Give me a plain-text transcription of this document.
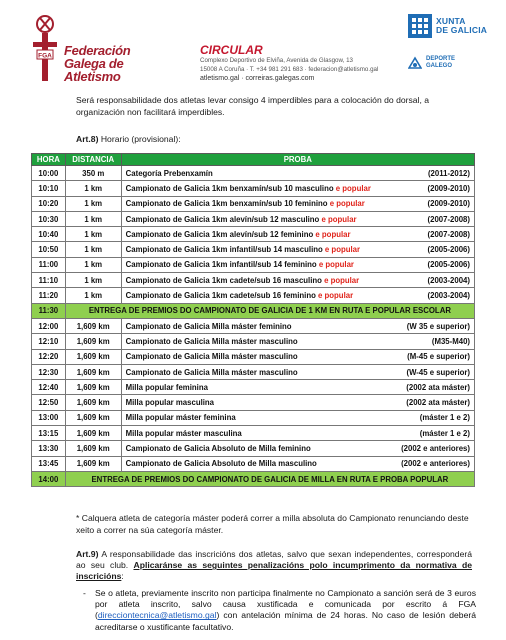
FGA Federación
Galega de
Atletismo
CIRCULAR
Complexo Deportivo de Elviña, Avenida de Glasgow, 13
15008 A Coruña · T. +34 981 291 683 · federacion@atletismo.gal
atletismo.gal · correiras.galegas.com
XUNTA
DE GALICIA
DEPORTE
GALEGO
Será responsabilidade dos atletas levar consigo 4 imperdibles para a colocación do dorsal, a organización non facilitará imperdibles.
Art.8) Horario (provisional):
HORA	DISTANCIA	PROBA
10:00	350 m	Categoría Prebenxamín (2011-2012)

10:10	1 km	Campionato de Galicia 1km benxamín/sub 10 masculino e popular (2009-2010)

10:20	1 km	Campionato de Galicia 1km benxamín/sub 10 feminino e popular (2009-2010)

10:30	1 km	Campionato de Galicia 1km alevín/sub 12 masculino e popular (2007-2008)

10:40	1 km	Campionato de Galicia 1km alevín/sub 12 feminino e popular (2007-2008)

10:50	1 km	Campionato de Galicia 1km infantil/sub 14 masculino e popular (2005-2006)

11:00	1 km	Campionato de Galicia 1km infantil/sub 14 feminino e popular (2005-2006)

11:10	1 km	Campionato de Galicia 1km cadete/sub 16 masculino e popular (2003-2004)

11:20	1 km	Campionato de Galicia 1km cadete/sub 16 feminino e popular (2003-2004)

11:30	ENTREGA DE PREMIOS DO CAMPIONATO DE GALICIA DE 1 KM EN RUTA E POPULAR ESCOLAR	
12:00	1,609 km	Campionato de Galicia Milla máster feminino (W 35 e superior)

12:10	1,609 km	Campionato de Galicia Milla máster masculino (M35-M40)

12:20	1,609 km	Campionato de Galicia Milla máster masculino (M-45 e superior)

12:30	1,609 km	Campionato de Galicia Milla máster masculino (W-45 e superior)

12:40	1,609 km	Milla popular feminina (2002 ata máster)

12:50	1,609 km	Milla popular masculina (2002 ata máster)

13:00	1,609 km	Milla popular máster feminina (máster 1 e 2)

13:15	1,609 km	Milla popular máster masculina (máster 1 e 2)

13:30	1,609 km	Campionato de Galicia Absoluto de Milla feminino (2002 e anteriores)

13:45	1,609 km	Campionato de Galicia Absoluto de Milla masculino (2002 e anteriores)

14:00	ENTREGA DE PREMIOS DO CAMPIONATO DE GALICIA DE MILLA EN RUTA E PROBA POPULAR	
* Calquera atleta de categoría máster poderá correr a milla absoluta do Campionato renunciando deste xeito a correr na súa categoría máster.
Art.9) A responsabilidade das inscricións dos atletas, salvo que sexan independentes, corresponderá ao seu club. Aplicaránse as seguintes penalizacións polo incumprimento da normativa de inscricións:
- Se o atleta, previamente inscrito non participa finalmente no Campionato a sanción será de 3 euros por atleta inscrito, salvo causa xustificada e comunicada por escrito á FGA (direcciontecnica@atletismo.gal) con antelación mínima de 24 horas. No caso de lesión deberá acreditarse o xustificante facultativo.
